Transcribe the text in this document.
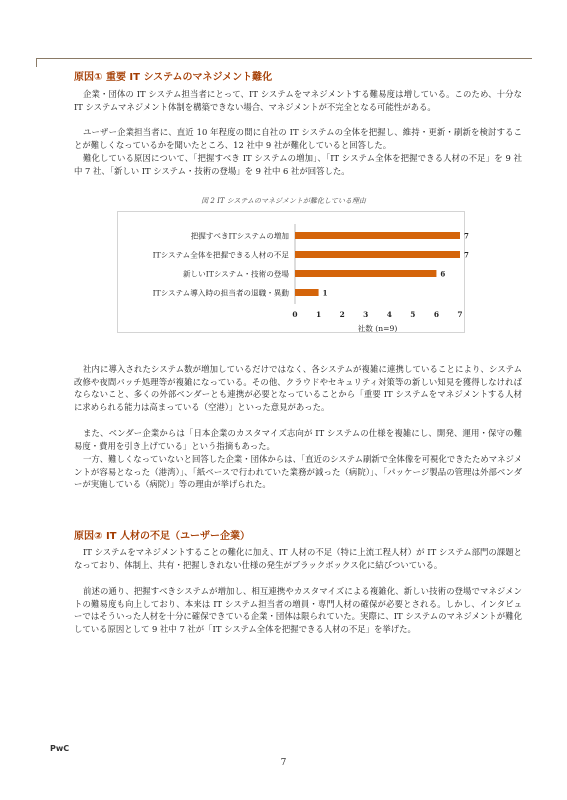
原因① 重要 IT システムのマネジメント難化

企業・団体の IT システム担当者にとって、IT システムをマネジメントする難易度は増している。このため、十分な IT システムマネジメント体制を構築できない場合、マネジメントが不完全となる可能性がある。

ユーザー企業担当者に、直近 10 年程度の間に自社の IT システムの全体を把握し、維持・更新・刷新を検討することが難しくなっているかを聞いたところ、12 社中 9 社が難化していると回答した。

難化している原因について、「把握すべき IT システムの増加」、「IT システム全体を把握できる人材の不足」を 9 社中 7 社、「新しい IT システム・技術の登場」を 9 社中 6 社が回答した。

図 2 IT システムのマネジメントが難化している理由
把握すべきITシステムの増加	7
ITシステム全体を把握できる人材の不足	7
新しいITシステム・技術の登場	6
ITシステム導入時の担当者の退職・異動	1
0 1 2 3 4 5 6 7
社数 (n=9)

社内に導入されたシステム数が増加しているだけではなく、各システムが複雑に連携していることにより、システム改修や夜間バッチ処理等が複雑になっている。その他、クラウドやセキュリティ対策等の新しい知見を獲得しなければならないこと、多くの外部ベンダーとも連携が必要となっていることから「重要 IT システムをマネジメントする人材に求められる能力は高まっている（空港）」といった意見があった。

また、ベンダー企業からは「日本企業のカスタマイズ志向が IT システムの仕様を複雑にし、開発、運用・保守の難易度・費用を引き上げている」という指摘もあった。

一方、難しくなっていないと回答した企業・団体からは、「直近のシステム刷新で全体像を可視化できたためマネジメントが容易となった（港湾）」、「紙ベースで行われていた業務が減った（病院）」、「パッケージ製品の管理は外部ベンダーが実施している（病院）」等の理由が挙げられた。

原因② IT 人材の不足（ユーザー企業）

IT システムをマネジメントすることの難化に加え、IT 人材の不足（特に上流工程人材）が IT システム部門の課題となっており、体制上、共有・把握しきれない仕様の発生がブラックボックス化に結びついている。

前述の通り、把握すべきシステムが増加し、相互連携やカスタマイズによる複雑化、新しい技術の登場でマネジメントの難易度も向上しており、本来は IT システム担当者の増員・専門人材の確保が必要とされる。しかし、インタビューではそういった人材を十分に確保できている企業・団体は限られていた。実際に、IT システムのマネジメントが難化している原因として 9 社中 7 社が「IT システム全体を把握できる人材の不足」を挙げた。

PwC
7
